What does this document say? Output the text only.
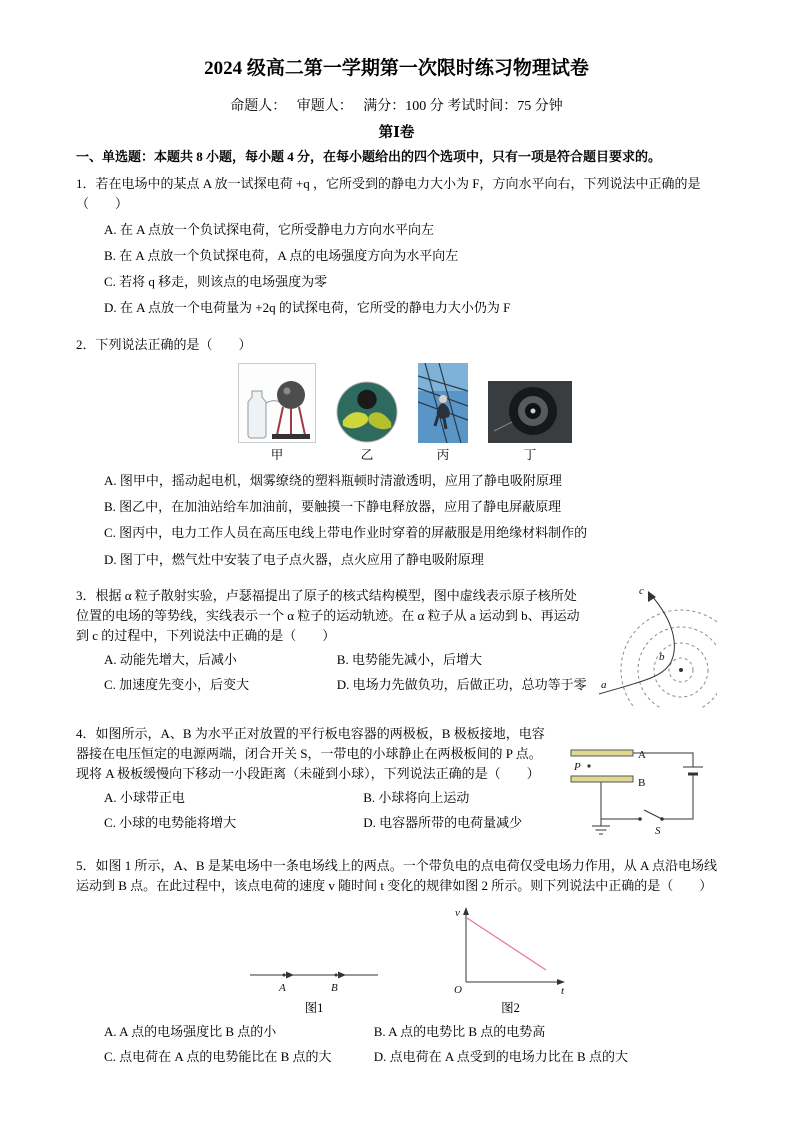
2024 级高二第一学期第一次限时练习物理试卷
命题人：　 审题人：　 满分：100 分 考试时间：75 分钟
第Ⅰ卷
一、单选题：本题共 8 小题，每小题 4 分，在每小题给出的四个选项中，只有一项是符合题目要求的。

1．若在电场中的某点 A 放一试探电荷 +q ，它所受到的静电力大小为 F，方向水平向右，下列说法中正确的是（　　）

A. 在 A 点放一个负试探电荷，它所受静电力方向水平向左

B. 在 A 点放一个负试探电荷，A 点的电场强度方向为水平向左

C. 若将 q 移走，则该点的电场强度为零

D. 在 A 点放一个电荷量为 +2q 的试探电荷，它所受的静电力大小仍为 F

2．下列说法正确的是（　　）

甲	乙	丙	丁

A. 图甲中，摇动起电机，烟雾缭绕的塑料瓶顿时清澈透明，应用了静电吸附原理

B. 图乙中，在加油站给车加油前，要触摸一下静电释放器，应用了静电屏蔽原理

C. 图丙中，电力工作人员在高压电线上带电作业时穿着的屏蔽服是用绝缘材料制作的

D. 图丁中，燃气灶中安装了电子点火器，点火应用了静电吸附原理

a
b
c

3．根据 α 粒子散射实验，卢瑟福提出了原子的核式结构模型，图中虚线表示原子核所处位置的电场的等势线，实线表示一个 α 粒子的运动轨迹。在 α 粒子从 a 运动到 b、再运动到 c 的过程中，下列说法中正确的是（　　）

A. 动能先增大，后减小	B. 电势能先减小，后增大

C. 加速度先变小，后变大	D. 电场力先做负功，后做正功，总功等于零

P
A
B
S

4．如图所示，A、B 为水平正对放置的平行板电容器的两极板，B 极板接地，电容器接在电压恒定的电源两端，闭合开关 S，一带电的小球静止在两极板间的 P 点。现将 A 极板缓慢向下移动一小段距离（未碰到小球），下列说法正确的是（　　）

A. 小球带正电	B. 小球将向上运动

C. 小球的电势能将增大	D. 电容器所带的电荷量减少

5．如图 1 所示，A、B 是某电场中一条电场线上的两点。一个带负电的点电荷仅受电场力作用，从 A 点沿电场线运动到 B 点。在此过程中，该点电荷的速度 v 随时间 t 变化的规律如图 2 所示。则下列说法中正确的是（　　）

A	B
图1
v
t
O
图2

A. A 点的电场强度比 B 点的小	B. A 点的电势比 B 点的电势高

C. 点电荷在 A 点的电势能比在 B 点的大	D. 点电荷在 A 点受到的电场力比在 B 点的大
